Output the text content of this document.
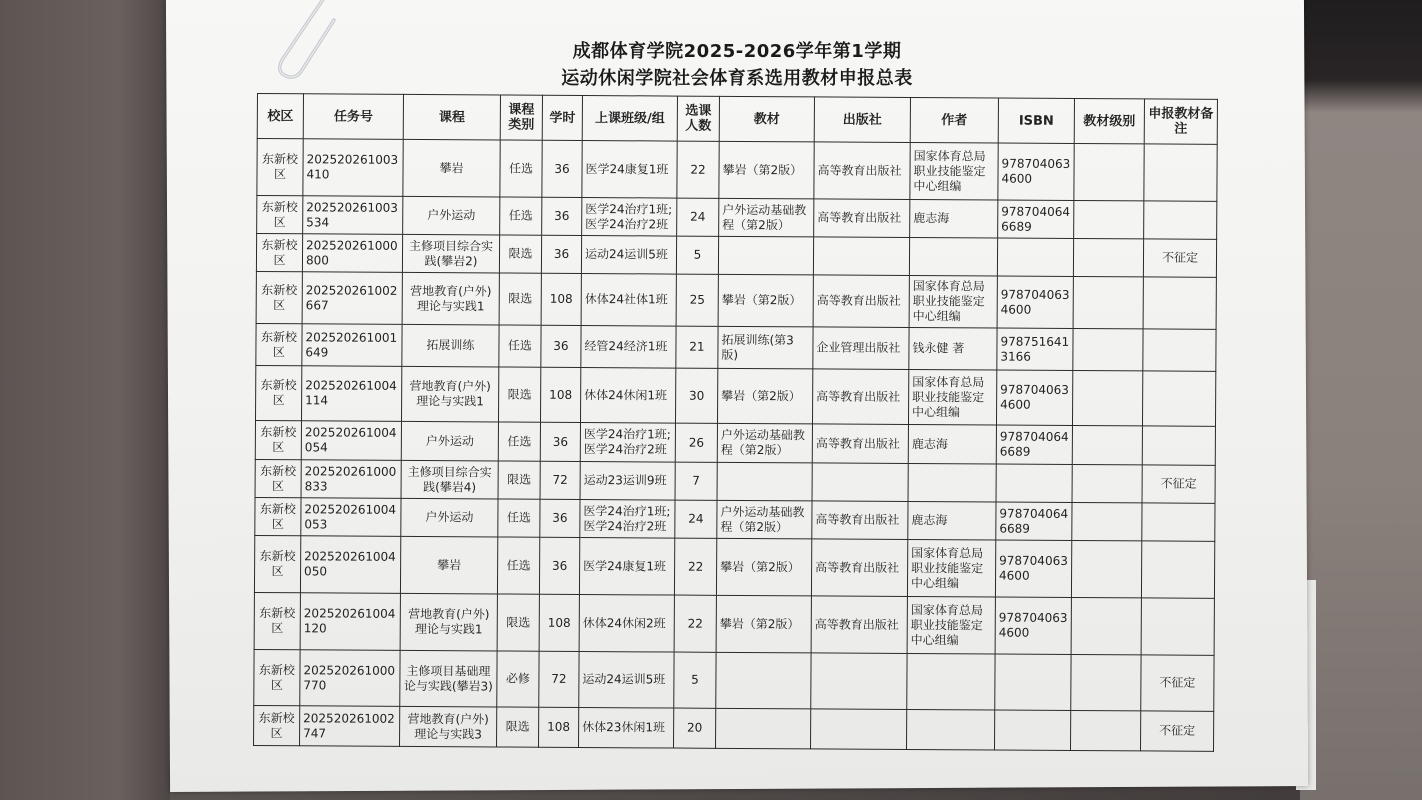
成都体育学院2025-2026学年第1学期
运动休闲学院社会体育系选用教材申报总表
校区	任务号	课程	课程类别	学时	上课班级/组	选课人数	教材	出版社	作者	ISBN	教材级别	申报教材备注
东新校区	202520261003410	攀岩	任选	36	医学24康复1班	22	攀岩（第2版）	高等教育出版社	国家体育总局职业技能鉴定中心组编	9787040634600		
东新校区	202520261003534	户外运动	任选	36	医学24治疗1班;医学24治疗2班	24	户外运动基础教程（第2版）	高等教育出版社	鹿志海	9787040646689		
东新校区	202520261000800	主修项目综合实践(攀岩2)	限选	36	运动24运训5班	5						不征定
东新校区	202520261002667	营地教育(户外)理论与实践1	限选	108	休体24社体1班	25	攀岩（第2版）	高等教育出版社	国家体育总局职业技能鉴定中心组编	9787040634600		
东新校区	202520261001649	拓展训练	任选	36	经管24经济1班	21	拓展训练(第3版)	企业管理出版社	钱永健 著	9787516413166		
东新校区	202520261004114	营地教育(户外)理论与实践1	限选	108	休体24休闲1班	30	攀岩（第2版）	高等教育出版社	国家体育总局职业技能鉴定中心组编	9787040634600		
东新校区	202520261004054	户外运动	任选	36	医学24治疗1班;医学24治疗2班	26	户外运动基础教程（第2版）	高等教育出版社	鹿志海	9787040646689		
东新校区	202520261000833	主修项目综合实践(攀岩4)	限选	72	运动23运训9班	7						不征定
东新校区	202520261004053	户外运动	任选	36	医学24治疗1班;医学24治疗2班	24	户外运动基础教程（第2版）	高等教育出版社	鹿志海	9787040646689		
东新校区	202520261004050	攀岩	任选	36	医学24康复1班	22	攀岩（第2版）	高等教育出版社	国家体育总局职业技能鉴定中心组编	9787040634600		
东新校区	202520261004120	营地教育(户外)理论与实践1	限选	108	休体24休闲2班	22	攀岩（第2版）	高等教育出版社	国家体育总局职业技能鉴定中心组编	9787040634600		
东新校区	202520261000770	主修项目基础理论与实践(攀岩3)	必修	72	运动24运训5班	5						不征定
东新校区	202520261002747	营地教育(户外)理论与实践3	限选	108	休体23休闲1班	20						不征定
